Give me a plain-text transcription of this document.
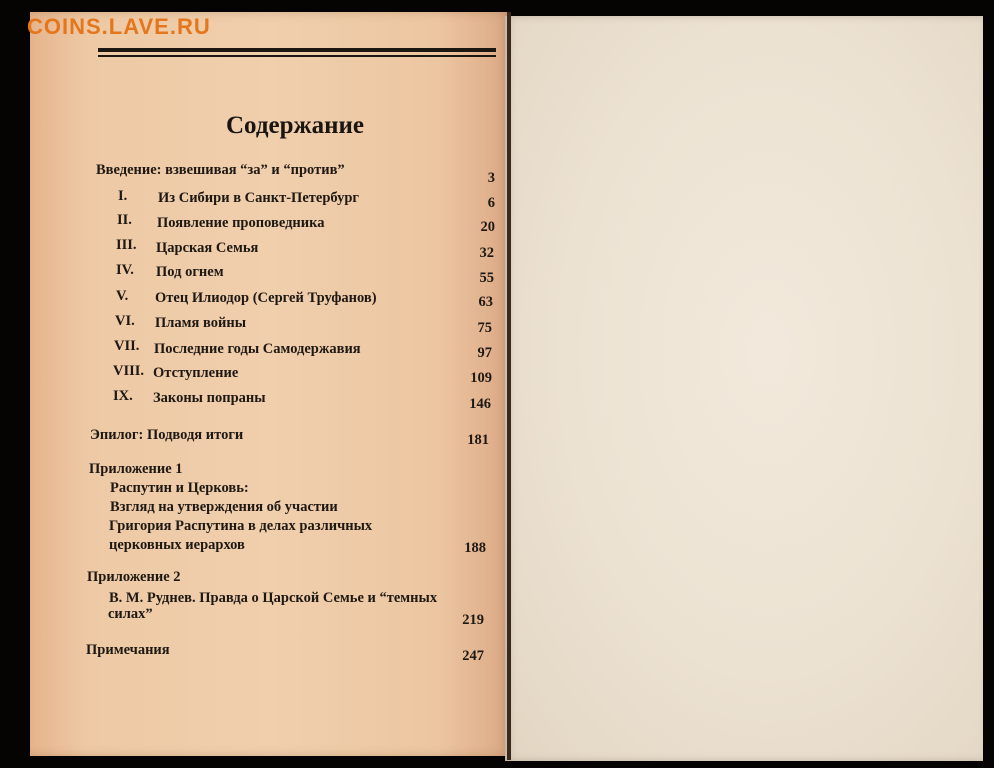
COINS.LAVE.RU
Содержание
Введение: взвешивая “за” и “против”	3
I. Из Сибири в Санкт-Петербург	6
II. Появление проповедника	20
III. Царская Семья	32
IV. Под огнем	55
V. Отец Илиодор (Сергей Труфанов)	63
VI. Пламя войны	75
VII. Последние годы Самодержавия	97
VIII. Отступление	109
IX. Законы попраны	146
Эпилог: Подводя итоги	181
Приложение 1
Распутин и Церковь:
Взгляд на утверждения об участии
Григория Распутина в делах различных
церковных иерархов	188
Приложение 2
В. М. Руднев. Правда о Царской Семье и “темных
силах”	219
Примечания	247
